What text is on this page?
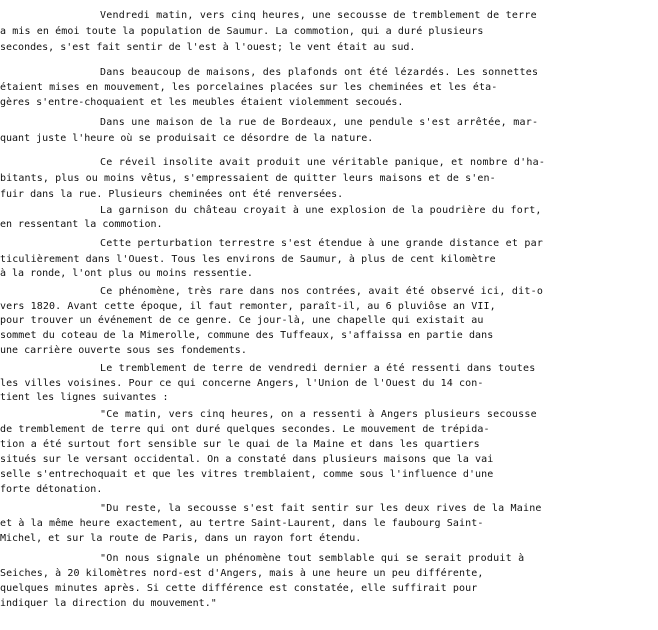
Vendredi matin, vers cinq heures, une secousse de tremblement de terre
a mis en émoi toute la population de Saumur. La commotion, qui a duré plusieurs
secondes, s'est fait sentir de l'est à l'ouest; le vent était au sud.
Dans beaucoup de maisons, des plafonds ont été lézardés. Les sonnettes
étaient mises en mouvement, les porcelaines placées sur les cheminées et les éta-
gères s'entre-choquaient et les meubles étaient violemment secoués.
Dans une maison de la rue de Bordeaux, une pendule s'est arrêtée, mar-
quant juste l'heure où se produisait ce désordre de la nature.
Ce réveil insolite avait produit une véritable panique, et nombre d'ha-
bitants, plus ou moins vêtus, s'empressaient de quitter leurs maisons et de s'en-
fuir dans la rue. Plusieurs cheminées ont été renversées.
La garnison du château croyait à une explosion de la poudrière du fort,
en ressentant la commotion.
Cette perturbation terrestre s'est étendue à une grande distance et par
ticulièrement dans l'Ouest. Tous les environs de Saumur, à plus de cent kilomètre
à la ronde, l'ont plus ou moins ressentie.
Ce phénomène, très rare dans nos contrées, avait été observé ici, dit-o
vers 1820. Avant cette époque, il faut remonter, paraît-il, au 6 pluviôse an VII,
pour trouver un événement de ce genre. Ce jour-là, une chapelle qui existait au
sommet du coteau de la Mimerolle, commune des Tuffeaux, s'affaissa en partie dans
une carrière ouverte sous ses fondements.
Le tremblement de terre de vendredi dernier a été ressenti dans toutes
les villes voisines. Pour ce qui concerne Angers, l'Union de l'Ouest du 14 con-
tient les lignes suivantes :
"Ce matin, vers cinq heures, on a ressenti à Angers plusieurs secousse
de tremblement de terre qui ont duré quelques secondes. Le mouvement de trépida-
tion a été surtout fort sensible sur le quai de la Maine et dans les quartiers
situés sur le versant occidental. On a constaté dans plusieurs maisons que la vai
selle s'entrechoquait et que les vitres tremblaient, comme sous l'influence d'une
forte détonation.
"Du reste, la secousse s'est fait sentir sur les deux rives de la Maine
et à la même heure exactement, au tertre Saint-Laurent, dans le faubourg Saint-
Michel, et sur la route de Paris, dans un rayon fort étendu.
"On nous signale un phénomène tout semblable qui se serait produit à
Seiches, à 20 kilomètres nord-est d'Angers, mais à une heure un peu différente,
quelques minutes après. Si cette différence est constatée, elle suffirait pour
indiquer la direction du mouvement."
